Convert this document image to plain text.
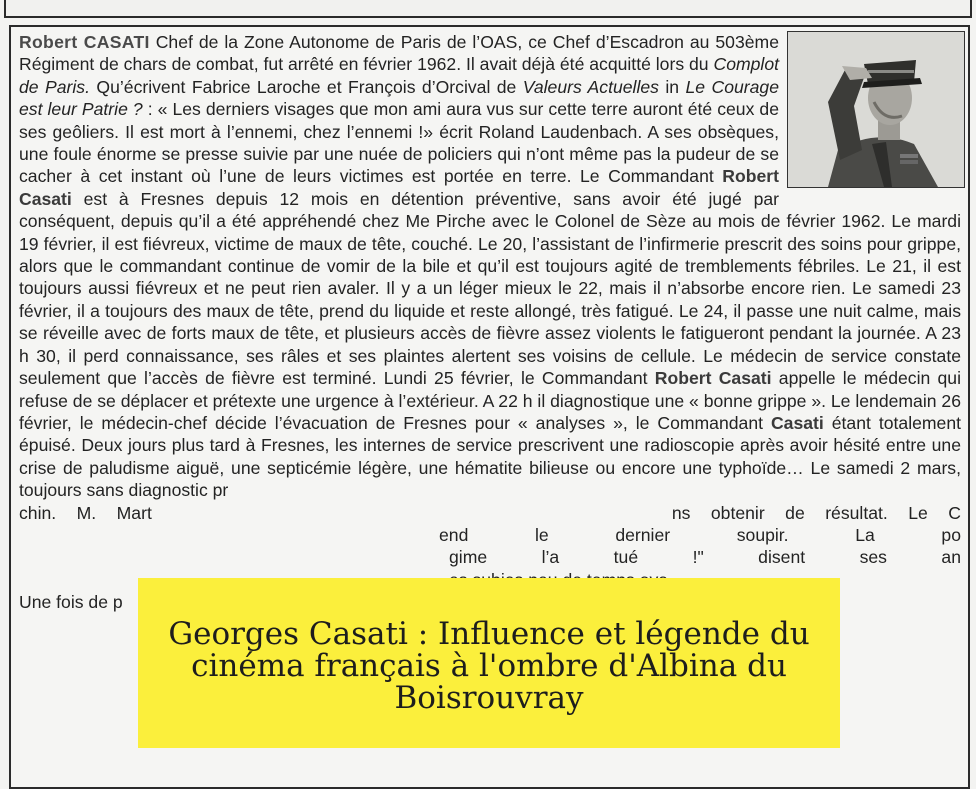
Robert CASATI Chef de la Zone Autonome de Paris de l’OAS, ce Chef d’Escadron au 503ème Régiment de chars de combat, fut arrêté en février 1962. Il avait déjà été acquitté lors du Complot de Paris. Qu’écrivent Fabrice Laroche et François d’Orcival de Valeurs Actuelles in Le Courage est leur Patrie ? : « Les derniers visages que mon ami aura vus sur cette terre auront été ceux de ses geôliers. Il est mort à l’ennemi, chez l’ennemi !» écrit Roland Laudenbach. A ses obsèques, une foule énorme se presse suivie par une nuée de policiers qui n’ont même pas la pudeur de se cacher à cet instant où l’une de leurs victimes est portée en terre. Le Commandant Robert Casati est à Fresnes depuis 12 mois en détention préventive, sans avoir été jugé par conséquent, depuis qu’il a été appréhendé chez Me Pirche avec le Colonel de Sèze au mois de février 1962. Le mardi 19 février, il est fiévreux, victime de maux de tête, couché. Le 20, l’assistant de l’infirmerie prescrit des soins pour grippe, alors que le commandant continue de vomir de la bile et qu’il est toujours agité de tremblements fébriles. Le 21, il est toujours aussi fiévreux et ne peut rien avaler. Il y a un léger mieux le 22, mais il n’absorbe encore rien. Le samedi 23 février, il a toujours des maux de tête, prend du liquide et reste allongé, très fatigué. Le 24, il passe une nuit calme, mais se réveille avec de forts maux de tête, et plusieurs accès de fièvre assez violents le fatigueront pendant la journée. A 23 h 30, il perd connaissance, ses râles et ses plaintes alertent ses voisins de cellule. Le médecin de service constate seulement que l’accès de fièvre est terminé. Lundi 25 février, le Commandant Robert Casati appelle le médecin qui refuse de se déplacer et prétexte une urgence à l’extérieur. A 22 h il diagnostique une « bonne grippe ». Le lendemain 26 février, le médecin-chef décide l’évacuation de Fresnes pour « analyses », le Commandant Casati étant totalement épuisé. Deux jours plus tard à Fresnes, les internes de service prescrivent une radioscopie après avoir hésité entre une crise de paludisme aiguë, une septicémie légère, une hématite bilieuse ou encore une typhoïde… Le samedi 2 mars, toujours sans diagnostic pr
chin. M. Mart	ns obtenir de résultat. Le Cend le dernier soupir. La pogime l’a tué !" disent ses an
Une fois de p

Georges Casati : Influence et légende du cinéma français à l'ombre d'Albina du Boisrouvray
